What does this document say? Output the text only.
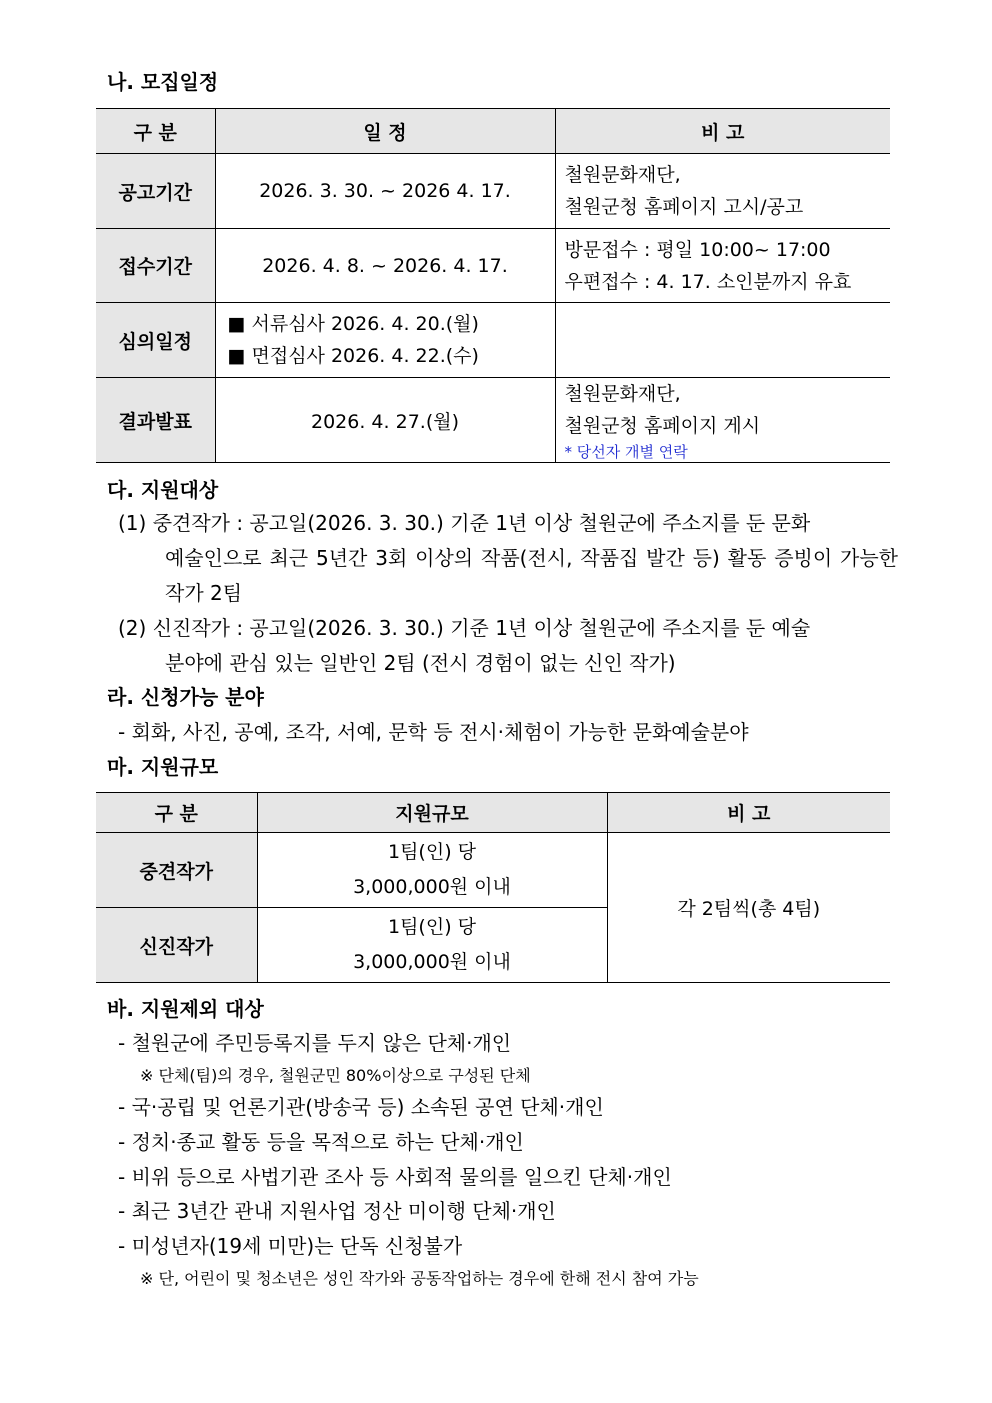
나. 모집일정
구 분	일 정	비 고
공고기간	2026. 3. 30. ~ 2026 4. 17.	철원문화재단,
철원군청 홈페이지 고시/공고

접수기간	2026. 4. 8. ~ 2026. 4. 17.	방문접수 : 평일 10:00~ 17:00
우편접수 : 4. 17. 소인분까지 유효

심의일정	■ 서류심사 2026. 4. 20.(월)
■ 면접심사 2026. 4. 22.(수)	

결과발표	2026. 4. 27.(월)	철원문화재단,
철원군청 홈페이지 게시
* 당선자 개별 연락
다. 지원대상
(1) 중견작가 : 공고일(2026. 3. 30.) 기준 1년 이상 철원군에 주소지를 둔 문화
예술인으로 최근 5년간 3회 이상의 작품(전시, 작품집 발간 등) 활동 증빙이 가능한 작가 2팀
(2) 신진작가 : 공고일(2026. 3. 30.) 기준 1년 이상 철원군에 주소지를 둔 예술
분야에 관심 있는 일반인 2팀 (전시 경험이 없는 신인 작가)
라. 신청가능 분야
- 회화, 사진, 공예, 조각, 서예, 문학 등 전시·체험이 가능한 문화예술분야
마. 지원규모
구 분	지원규모	비 고
중견작가	1팀(인) 당
3,000,000원 이내	각 2팀씩(총 4팀)
신진작가	1팀(인) 당
3,000,000원 이내	
바. 지원제외 대상
- 철원군에 주민등록지를 두지 않은 단체·개인
※ 단체(팀)의 경우, 철원군민 80%이상으로 구성된 단체
- 국·공립 및 언론기관(방송국 등) 소속된 공연 단체·개인
- 정치·종교 활동 등을 목적으로 하는 단체·개인
- 비위 등으로 사법기관 조사 등 사회적 물의를 일으킨 단체·개인
- 최근 3년간 관내 지원사업 정산 미이행 단체·개인
- 미성년자(19세 미만)는 단독 신청불가
※ 단, 어린이 및 청소년은 성인 작가와 공동작업하는 경우에 한해 전시 참여 가능
